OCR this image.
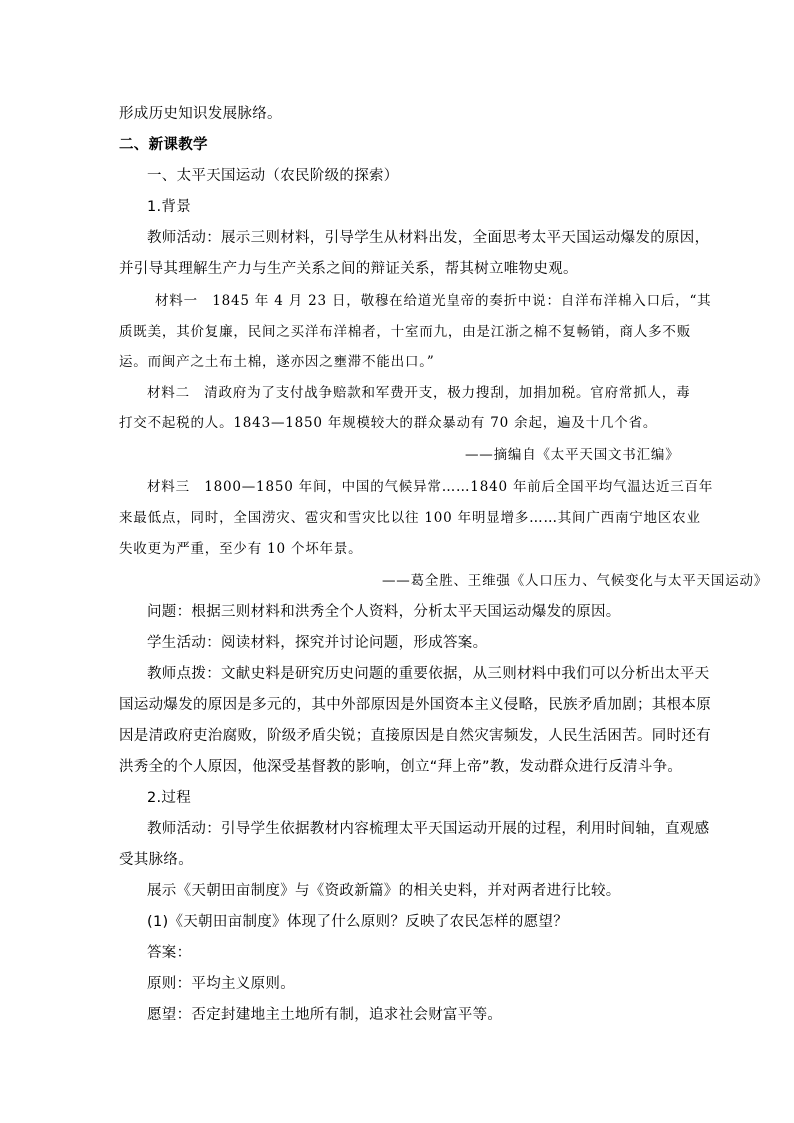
形成历史知识发展脉络。
二、新课教学
一、太平天国运动（农民阶级的探索）
1.背景
教师活动：展示三则材料，引导学生从材料出发，全面思考太平天国运动爆发的原因，
并引导其理解生产力与生产关系之间的辩证关系，帮其树立唯物史观。
材料一　1845 年 4 月 23 日，敬穆在给道光皇帝的奏折中说：自洋布洋棉入口后，“其
质既美，其价复廉，民间之买洋布洋棉者，十室而九，由是江浙之棉不复畅销，商人多不贩
运。而闽产之土布土棉，遂亦因之壅滞不能出口。”
材料二　清政府为了支付战争赔款和军费开支，极力搜刮，加捐加税。官府常抓人，毒
打交不起税的人。1843—1850 年规模较大的群众暴动有 70 余起，遍及十几个省。
——摘编自《太平天国文书汇编》
材料三　1800—1850 年间，中国的气候异常……1840 年前后全国平均气温达近三百年
来最低点，同时，全国涝灾、雹灾和雪灾比以往 100 年明显增多……其间广西南宁地区农业
失收更为严重，至少有 10 个坏年景。
——葛全胜、王维强《人口压力、气候变化与太平天国运动》
问题：根据三则材料和洪秀全个人资料，分析太平天国运动爆发的原因。
学生活动：阅读材料，探究并讨论问题，形成答案。
教师点拨：文献史料是研究历史问题的重要依据，从三则材料中我们可以分析出太平天
国运动爆发的原因是多元的，其中外部原因是外国资本主义侵略，民族矛盾加剧；其根本原
因是清政府吏治腐败，阶级矛盾尖锐；直接原因是自然灾害频发，人民生活困苦。同时还有
洪秀全的个人原因，他深受基督教的影响，创立“拜上帝”教，发动群众进行反清斗争。
2.过程
教师活动：引导学生依据教材内容梳理太平天国运动开展的过程，利用时间轴，直观感
受其脉络。
展示《天朝田亩制度》与《资政新篇》的相关史料，并对两者进行比较。
(1)《天朝田亩制度》体现了什么原则？反映了农民怎样的愿望？
答案：
原则：平均主义原则。
愿望：否定封建地主土地所有制，追求社会财富平等。
